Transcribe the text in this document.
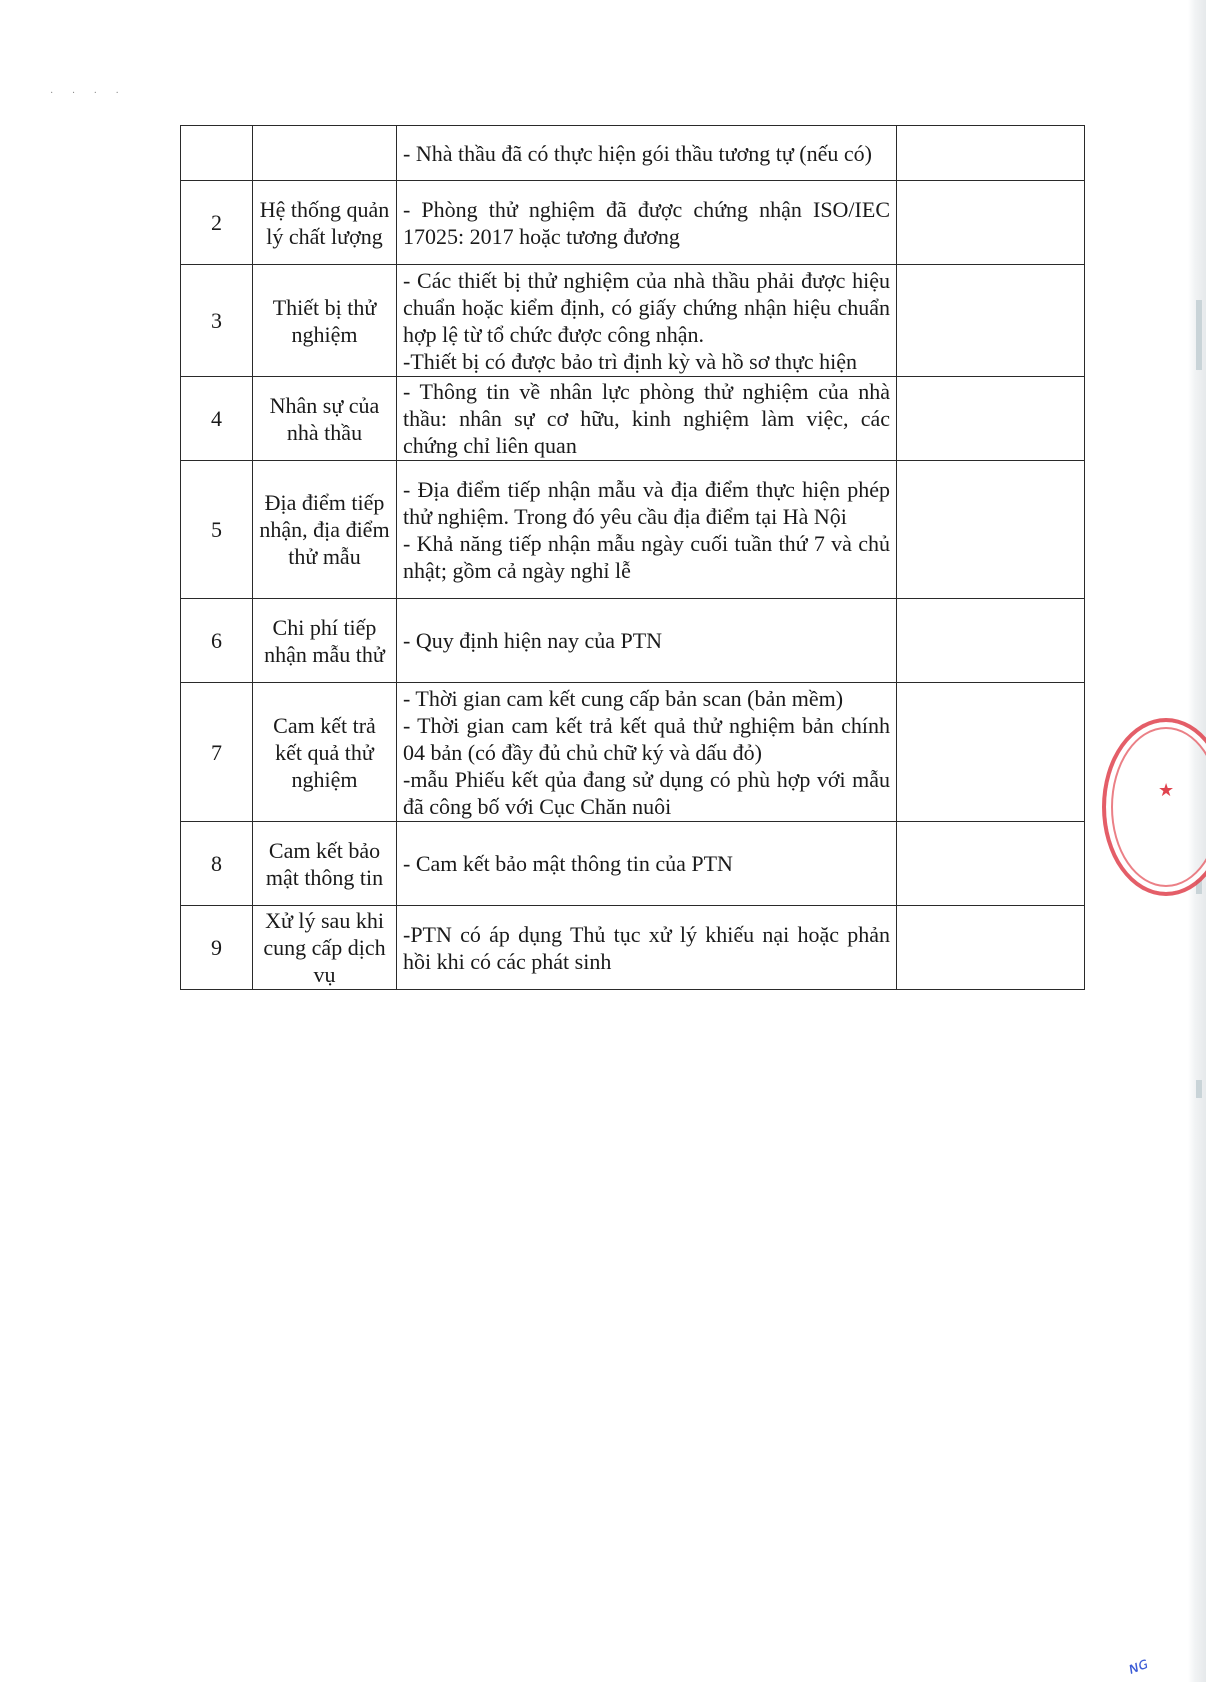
· · · ·

		- Nhà thầu đã có thực hiện gói thầu tương tự (nếu có)	

2	Hệ thống quản lý chất lượng	- Phòng thử nghiệm đã được chứng nhận ISO/IEC 17025: 2017 hoặc tương đương	

3	Thiết bị thử nghiệm	- Các thiết bị thử nghiệm của nhà thầu phải được hiệu chuẩn hoặc kiểm định, có giấy chứng nhận hiệu chuẩn hợp lệ từ tổ chức được công nhận.
-Thiết bị có được bảo trì định kỳ và hồ sơ thực hiện	

4	Nhân sự của nhà thầu	- Thông tin về nhân lực phòng thử nghiệm của nhà thầu: nhân sự cơ hữu, kinh nghiệm làm việc, các chứng chỉ liên quan	

5	Địa điểm tiếp nhận, địa điểm thử mẫu	- Địa điểm tiếp nhận mẫu và địa điểm thực hiện phép thử nghiệm. Trong đó yêu cầu địa điểm tại Hà Nội
- Khả năng tiếp nhận mẫu ngày cuối tuần thứ 7 và chủ nhật; gồm cả ngày nghỉ lễ	

6	Chi phí tiếp nhận mẫu thử	- Quy định hiện nay của PTN	

7	Cam kết trả kết quả thử nghiệm	- Thời gian cam kết cung cấp bản scan (bản mềm)
- Thời gian cam kết trả kết quả thử nghiệm bản chính 04 bản (có đầy đủ chủ chữ ký và dấu đỏ)
-mẫu Phiếu kết qủa đang sử dụng có phù hợp với mẫu đã công bố với Cục Chăn nuôi	

8	Cam kết bảo mật thông tin	- Cam kết bảo mật thông tin của PTN	

9	Xử lý sau khi cung cấp dịch vụ	-PTN có áp dụng Thủ tục xử lý khiếu nại hoặc phản hồi khi có các phát sinh	

★
ɴɢ
